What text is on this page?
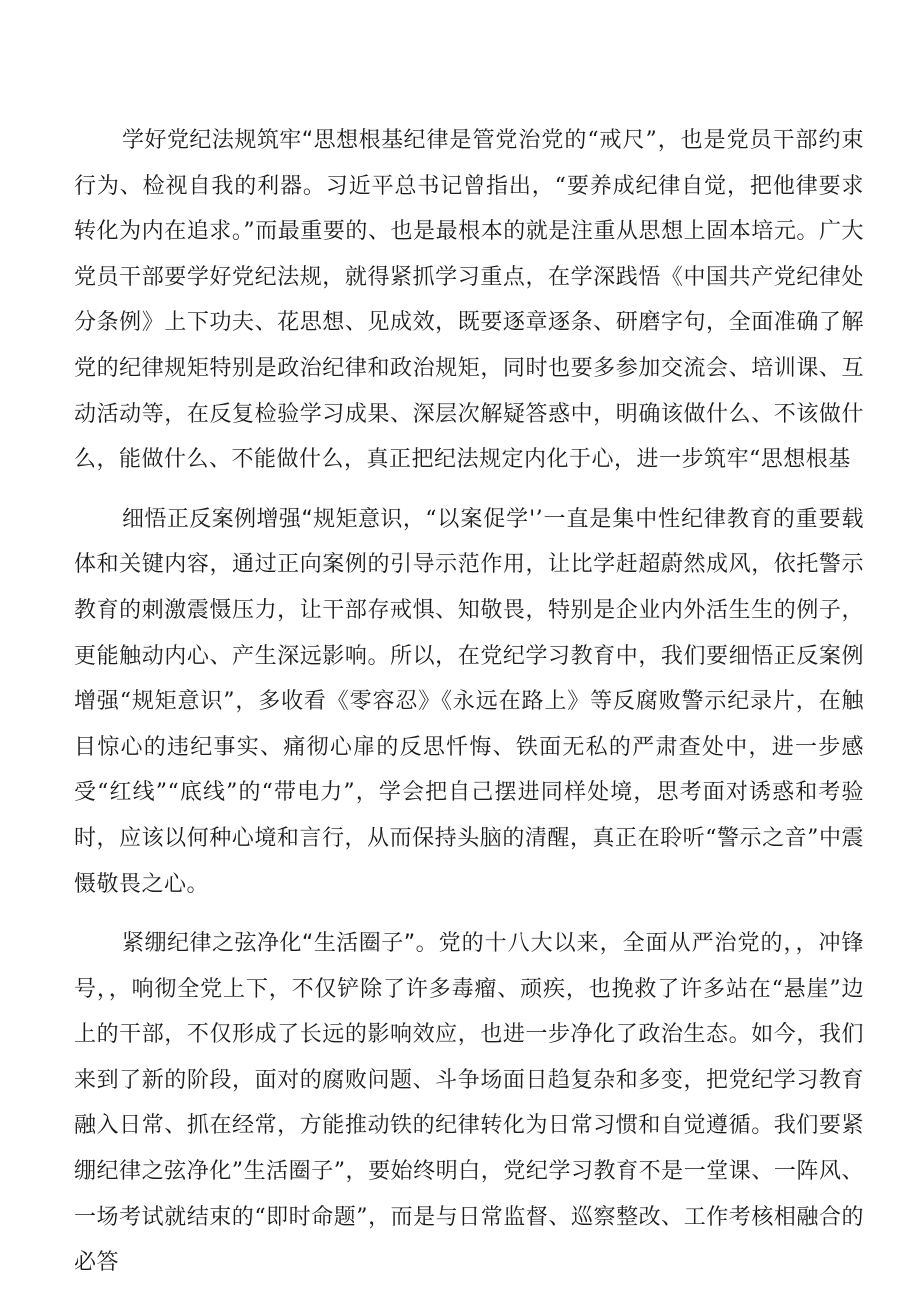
学好党纪法规筑牢“思想根基纪律是管党治党的“戒尺”，也是党员干部约束行为、检视自我的利器。习近平总书记曾指出，“要养成纪律自觉，把他律要求转化为内在追求。”而最重要的、也是最根本的就是注重从思想上固本培元。广大党员干部要学好党纪法规，就得紧抓学习重点，在学深践悟《中国共产党纪律处分条例》上下功夫、花思想、见成效，既要逐章逐条、研磨字句，全面准确了解党的纪律规矩特别是政治纪律和政治规矩，同时也要多参加交流会、培训课、互动活动等，在反复检验学习成果、深层次解疑答惑中，明确该做什么、不该做什么，能做什么、不能做什么，真正把纪法规定内化于心，进一步筑牢“思想根基

细悟正反案例增强“规矩意识，“以案促学'’一直是集中性纪律教育的重要载体和关键内容，通过正向案例的引导示范作用，让比学赶超蔚然成风，依托警示教育的刺激震慑压力，让干部存戒惧、知敬畏，特别是企业内外活生生的例子，更能触动内心、产生深远影响。所以，在党纪学习教育中，我们要细悟正反案例增强“规矩意识”，多收看《零容忍》《永远在路上》等反腐败警示纪录片，在触目惊心的违纪事实、痛彻心扉的反思忏悔、铁面无私的严肃查处中，进一步感受“红线”“底线”的“带电力”，学会把自己摆进同样处境，思考面对诱惑和考验时，应该以何种心境和言行，从而保持头脑的清醒，真正在聆听“警示之音”中震慑敬畏之心。

紧绷纪律之弦净化“生活圈子”。党的十八大以来，全面从严治党的，，冲锋号，，响彻全党上下，不仅铲除了许多毒瘤、顽疾，也挽救了许多站在“悬崖”边上的干部，不仅形成了长远的影响效应，也进一步净化了政治生态。如今，我们来到了新的阶段，面对的腐败问题、斗争场面日趋复杂和多变，把党纪学习教育融入日常、抓在经常，方能推动铁的纪律转化为日常习惯和自觉遵循。我们要紧绷纪律之弦净化”生活圈子”，要始终明白，党纪学习教育不是一堂课、一阵风、一场考试就结束的“即时命题”，而是与日常监督、巡察整改、工作考核相融合的必答
